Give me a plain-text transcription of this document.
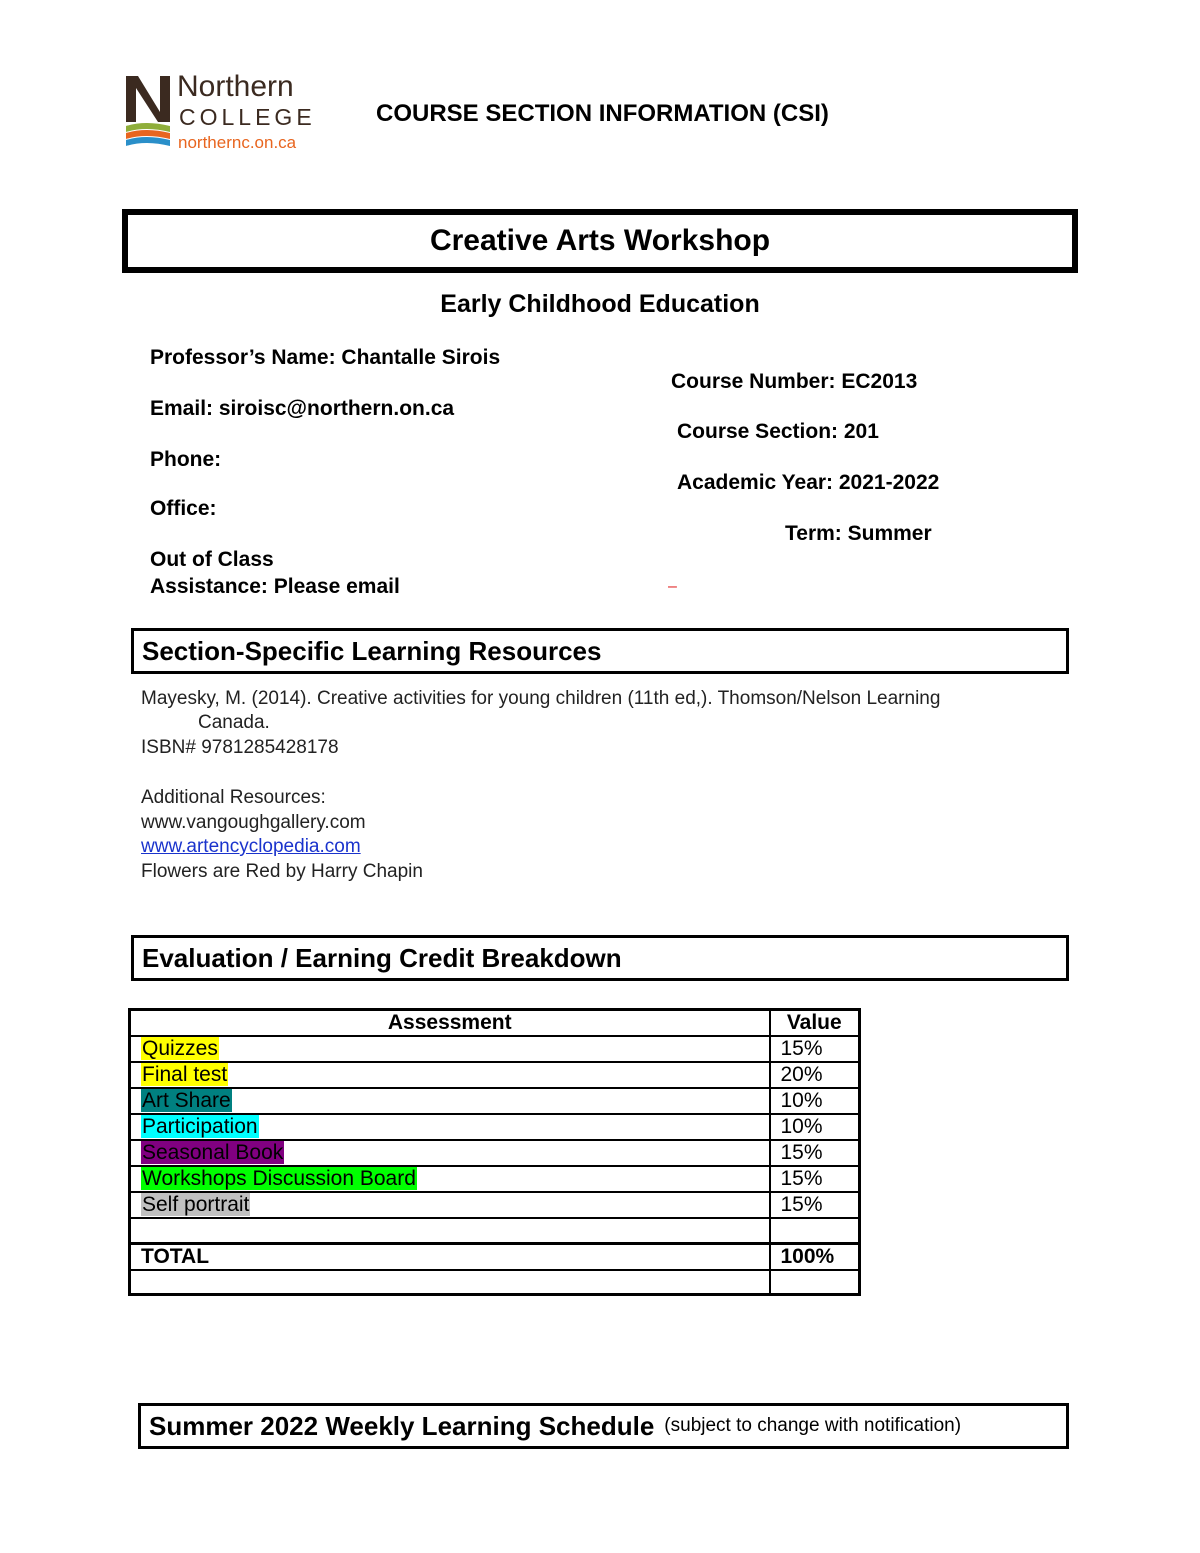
Northern
COLLEGE
northernc.on.ca
COURSE SECTION INFORMATION (CSI)
Creative Arts Workshop
Early Childhood Education
Professor’s Name: Chantalle Sirois
Email: siroisc@northern.on.ca
Phone:
Office:
Out of Class
Assistance: Please email
Course Number: EC2013
Course Section: 201
Academic Year: 2021-2022
Term: Summer
–
Section-Specific Learning Resources
Mayesky, M. (2014). Creative activities for young children (11th ed,). Thomson/Nelson Learning
Canada.
ISBN# 9781285428178
Additional Resources:
www.vangoughgallery.com
www.artencyclopedia.com
Flowers are Red by Harry Chapin
Evaluation / Earning Credit Breakdown
Assessment	Value
Quizzes	15%
Final test	20%
Art Share	10%
Participation	10%
Seasonal Book	15%
Workshops Discussion Board	15%
Self portrait	15%

TOTAL	100%

Summer 2022 Weekly Learning Schedule (subject to change with notification)
